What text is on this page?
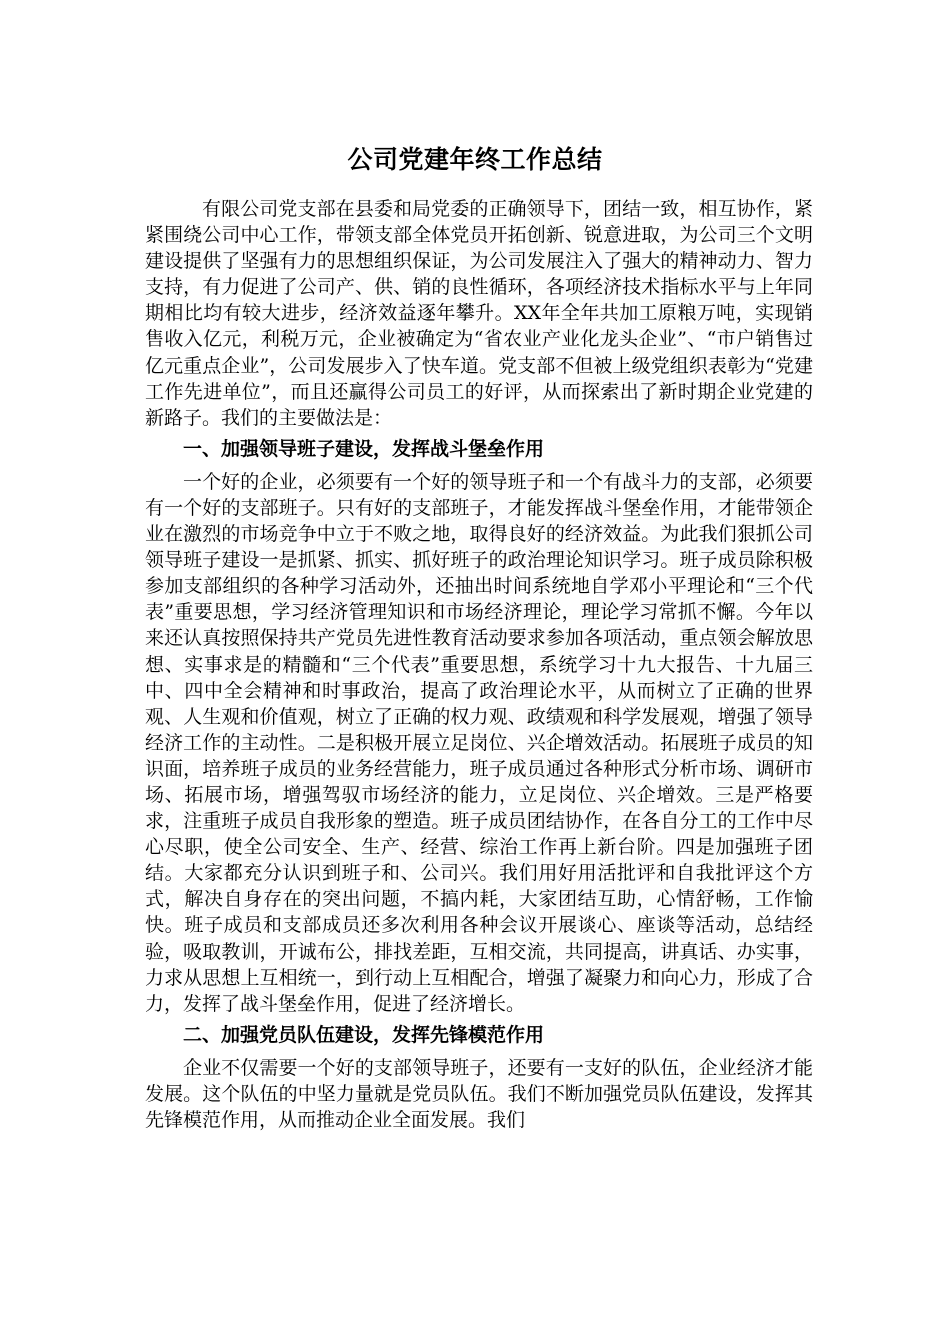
公司党建年终工作总结

有限公司党支部在县委和局党委的正确领导下，团结一致，相互协作，紧紧围绕公司中心工作，带领支部全体党员开拓创新、锐意进取，为公司三个文明建设提供了坚强有力的思想组织保证，为公司发展注入了强大的精神动力、智力支持，有力促进了公司产、供、销的良性循环，各项经济技术指标水平与上年同期相比均有较大进步，经济效益逐年攀升。XX年全年共加工原粮万吨，实现销售收入亿元，利税万元，企业被确定为“省农业产业化龙头企业”、“市户销售过亿元重点企业”，公司发展步入了快车道。党支部不但被上级党组织表彰为“党建工作先进单位”，而且还赢得公司员工的好评，从而探索出了新时期企业党建的新路子。我们的主要做法是：

一、加强领导班子建设，发挥战斗堡垒作用

一个好的企业，必须要有一个好的领导班子和一个有战斗力的支部，必须要有一个好的支部班子。只有好的支部班子，才能发挥战斗堡垒作用，才能带领企业在激烈的市场竞争中立于不败之地，取得良好的经济效益。为此我们狠抓公司领导班子建设一是抓紧、抓实、抓好班子的政治理论知识学习。班子成员除积极参加支部组织的各种学习活动外，还抽出时间系统地自学邓小平理论和“三个代表”重要思想，学习经济管理知识和市场经济理论，理论学习常抓不懈。今年以来还认真按照保持共产党员先进性教育活动要求参加各项活动，重点领会解放思想、实事求是的精髓和“三个代表”重要思想，系统学习十九大报告、十九届三中、四中全会精神和时事政治，提高了政治理论水平，从而树立了正确的世界观、人生观和价值观，树立了正确的权力观、政绩观和科学发展观，增强了领导经济工作的主动性。二是积极开展立足岗位、兴企增效活动。拓展班子成员的知识面，培养班子成员的业务经营能力，班子成员通过各种形式分析市场、调研市场、拓展市场，增强驾驭市场经济的能力，立足岗位、兴企增效。三是严格要求，注重班子成员自我形象的塑造。班子成员团结协作，在各自分工的工作中尽心尽职，使全公司安全、生产、经营、综治工作再上新台阶。四是加强班子团结。大家都充分认识到班子和、公司兴。我们用好用活批评和自我批评这个方式，解决自身存在的突出问题，不搞内耗，大家团结互助，心情舒畅，工作愉快。班子成员和支部成员还多次利用各种会议开展谈心、座谈等活动，总结经验，吸取教训，开诚布公，排找差距，互相交流，共同提高，讲真话、办实事，力求从思想上互相统一，到行动上互相配合，增强了凝聚力和向心力，形成了合力，发挥了战斗堡垒作用，促进了经济增长。

二、加强党员队伍建设，发挥先锋模范作用

企业不仅需要一个好的支部领导班子，还要有一支好的队伍，企业经济才能发展。这个队伍的中坚力量就是党员队伍。我们不断加强党员队伍建设，发挥其先锋模范作用，从而推动企业全面发展。我们
